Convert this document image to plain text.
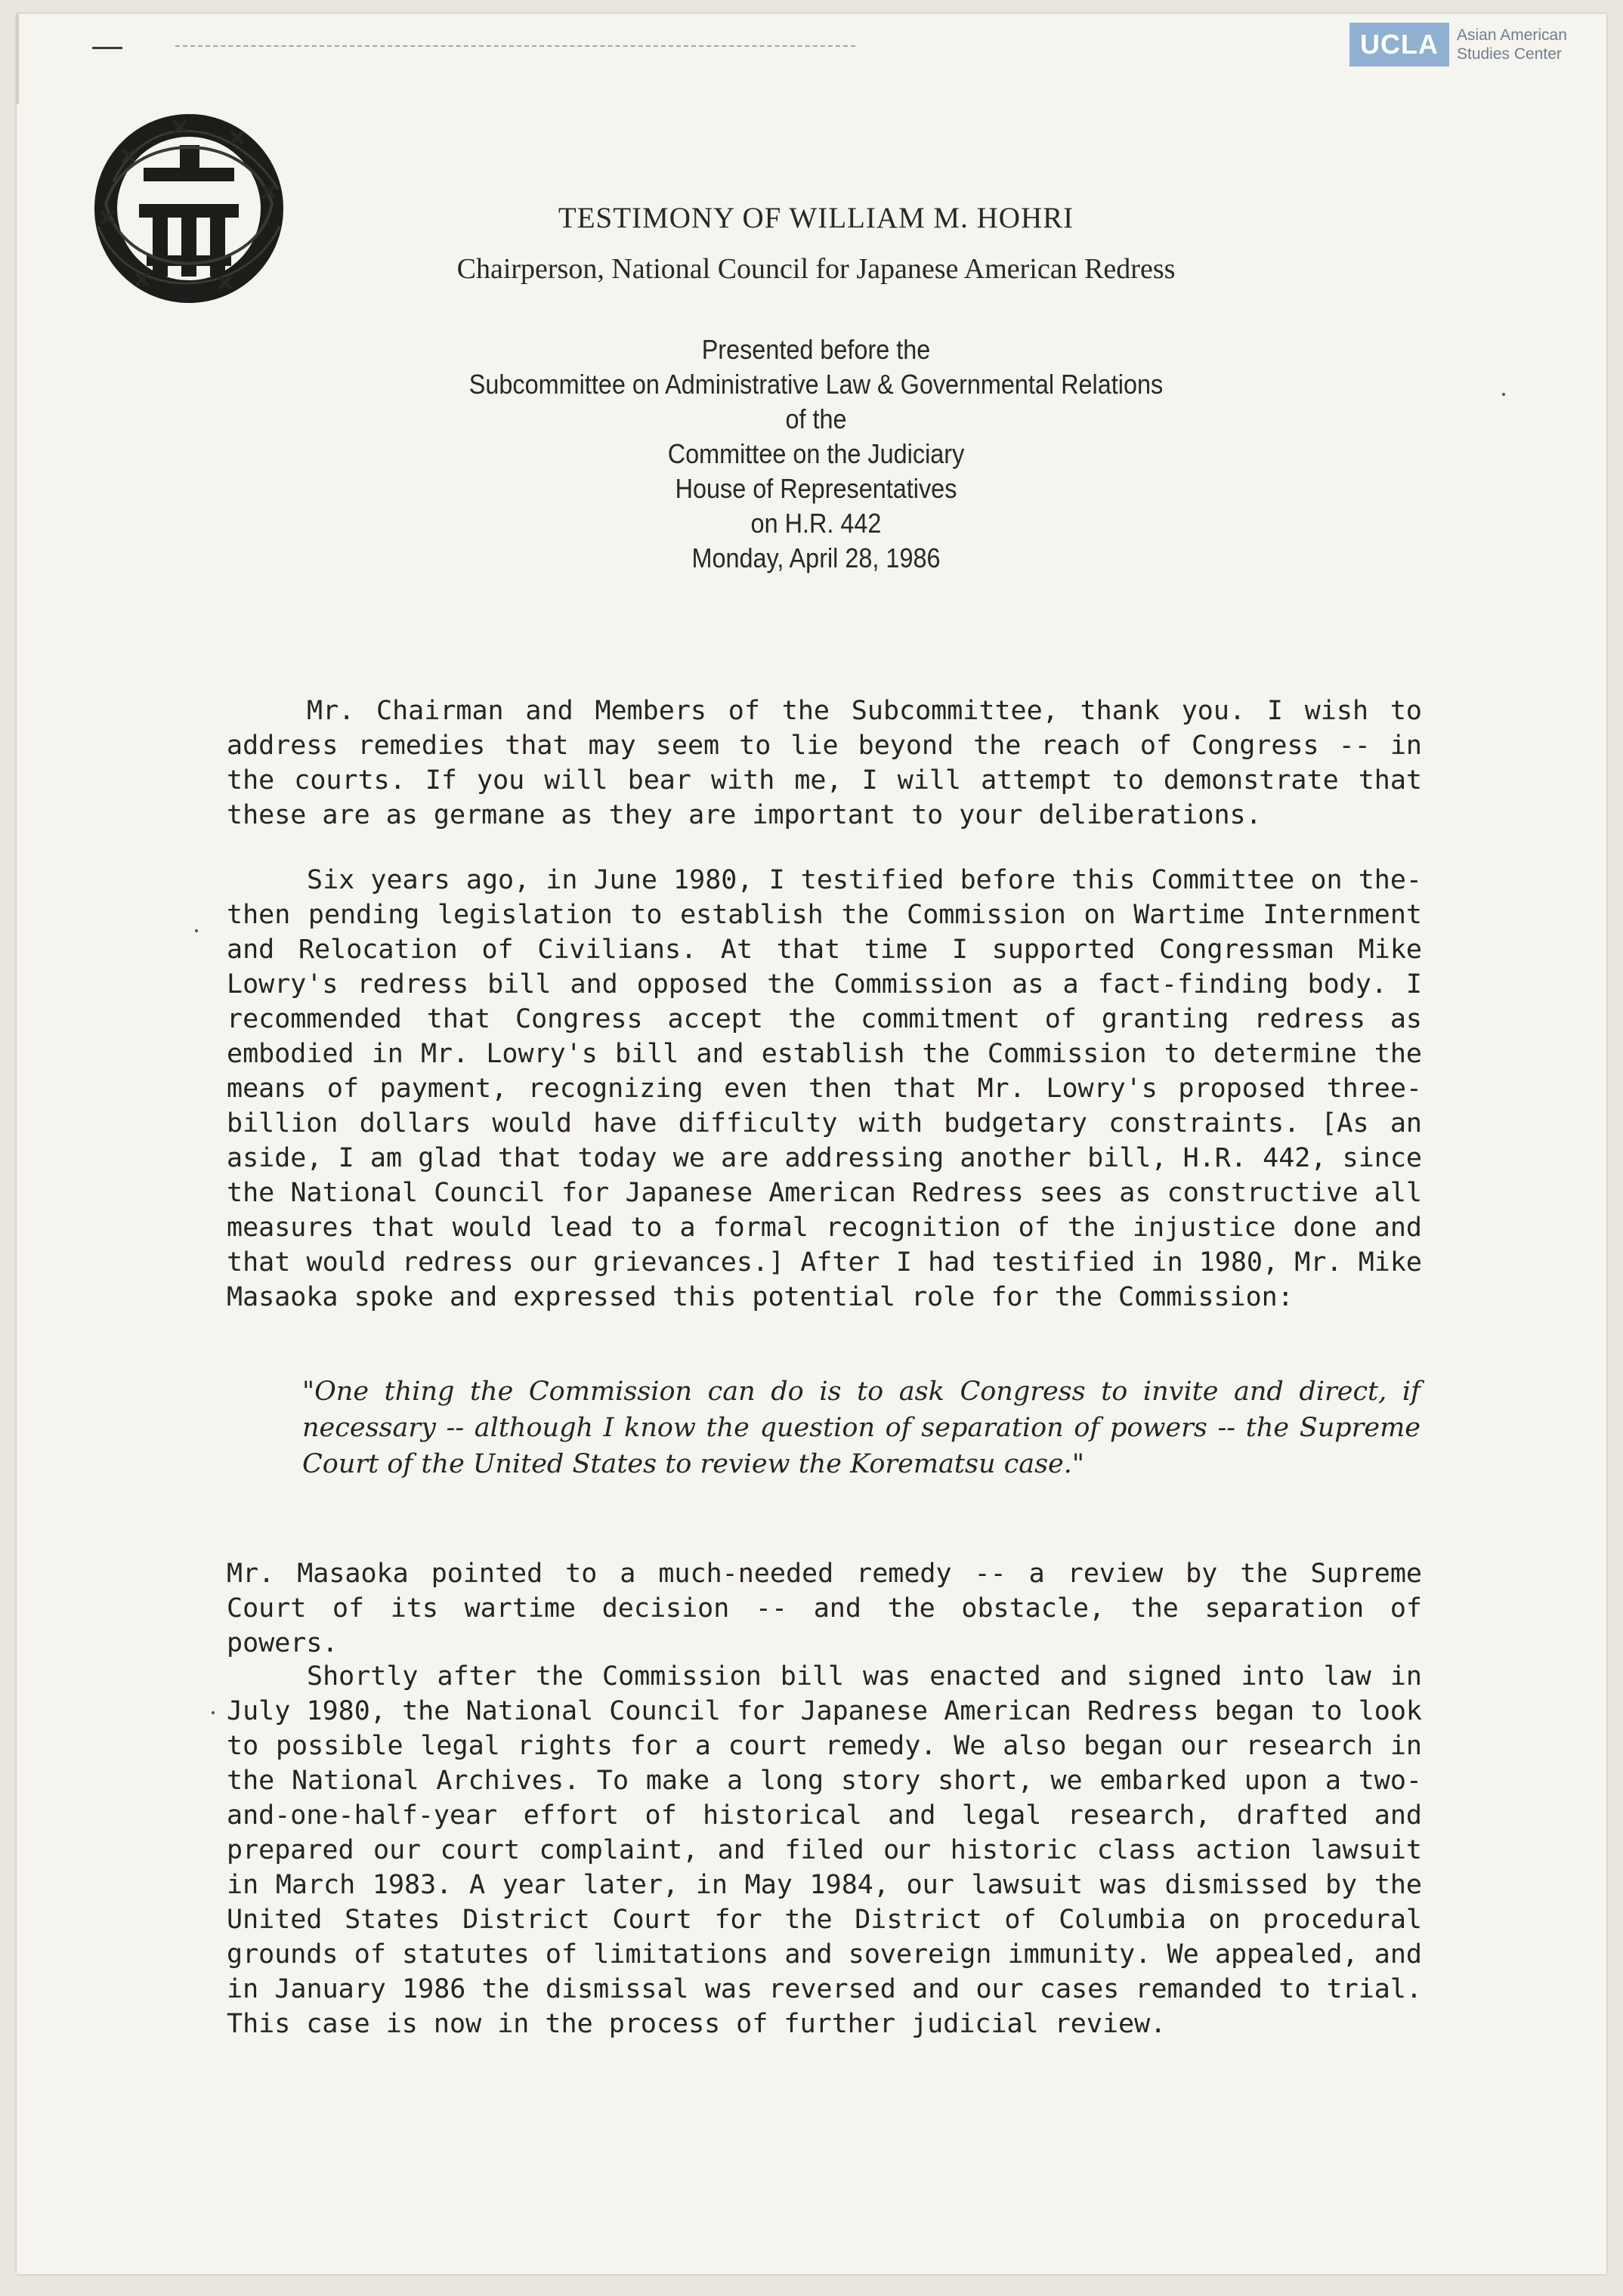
UCLA	Asian American
Studies Center
TESTIMONY OF WILLIAM M. HOHRI
Chairperson, National Council for Japanese American Redress
Presented before the
Subcommittee on Administrative Law & Governmental Relations
of the
Committee on the Judiciary
House of Representatives
on H.R. 442
Monday, April 28, 1986

Mr. Chairman and Members of the Subcommittee, thank you. I wish to address remedies that may seem to lie beyond the reach of Congress -- in the courts. If you will bear with me, I will attempt to demonstrate that these are as germane as they are important to your deliberations.

Six years ago, in June 1980, I testified before this Committee on the-then pending legislation to establish the Commission on Wartime Internment and Relocation of Civilians. At that time I supported Congressman Mike Lowry's redress bill and opposed the Commission as a fact-finding body. I recommended that Congress accept the commitment of granting redress as embodied in Mr. Lowry's bill and establish the Commission to determine the means of payment, recognizing even then that Mr. Lowry's proposed three-billion dollars would have difficulty with budgetary constraints. [As an aside, I am glad that today we are addressing another bill, H.R. 442, since the National Council for Japanese American Redress sees as constructive all measures that would lead to a formal recognition of the injustice done and that would redress our grievances.] After I had testified in 1980, Mr. Mike Masaoka spoke and expressed this potential role for the Commission:

"One thing the Commission can do is to ask Congress to invite and direct, if necessary -- although I know the question of separation of powers -- the Supreme Court of the United States to review the Korematsu case."

Mr. Masaoka pointed to a much-needed remedy -- a review by the Supreme Court of its wartime decision -- and the obstacle, the separation of powers.

Shortly after the Commission bill was enacted and signed into law in July 1980, the National Council for Japanese American Redress began to look to possible legal rights for a court remedy. We also began our research in the National Archives. To make a long story short, we embarked upon a two-and-one-half-year effort of historical and legal research, drafted and prepared our court complaint, and filed our historic class action lawsuit in March 1983. A year later, in May 1984, our lawsuit was dismissed by the United States District Court for the District of Columbia on procedural grounds of statutes of limitations and sovereign immunity. We appealed, and in January 1986 the dismissal was reversed and our cases remanded to trial. This case is now in the process of further judicial review.
